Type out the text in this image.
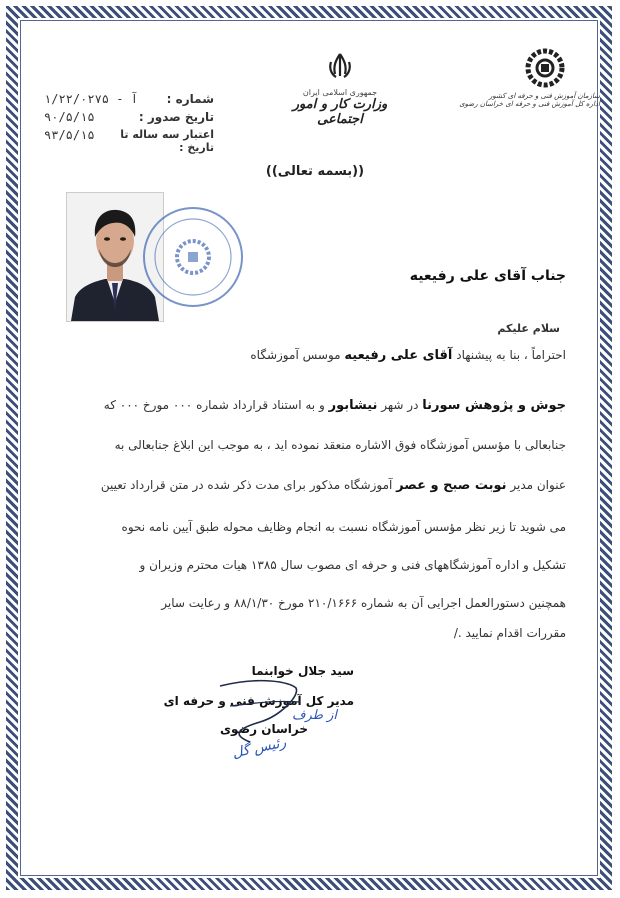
شماره :
۱/۲۲/۰۲۷۵ - آ
تاریخ صدور :
۹۰/۵/۱۵
اعتبار سه ساله تا تاریخ :
۹۳/۵/۱۵
جمهوری اسلامی ایران
وزارت کار و امور اجتماعی
سازمان آموزش فنی و حرفه ای کشور
اداره کل آموزش فنی و حرفه ای خراسان رضوی
((بسمه تعالی))
جناب آقای علی رفیعیه
سلام علیکم
احتراماً ، بنا به پیشنهاد آقای علی رفیعیه موسس آموزشگاه
جوش و پژوهش سورنا در شهر نیشابور و به استناد قرارداد شماره ۰۰۰ مورخ ۰۰۰ که
جنابعالی با مؤسس آموزشگاه فوق الاشاره منعقد نموده اید ، به موجب این ابلاغ جنابعالی به
عنوان مدیر نوبت صبح و عصر آموزشگاه مذکور برای مدت ذکر شده در متن قرارداد تعیین
می شوید تا زیر نظر مؤسس آموزشگاه نسبت به انجام وظایف محوله طبق آیین نامه نحوه
تشکیل و اداره آموزشگاههای فنی و حرفه ای مصوب سال ۱۳۸۵ هیات محترم وزیران و
همچنین دستورالعمل اجرایی آن به شماره ۲۱۰/۱۶۶۶ مورخ ۸۸/۱/۳۰ و رعایت سایر
مقررات اقدام نمایید ./
سید جلال خوابنما
مدیر کل آموزش فنی و حرفه ای
خراسان رضوی
از طرف
رئیس گل
